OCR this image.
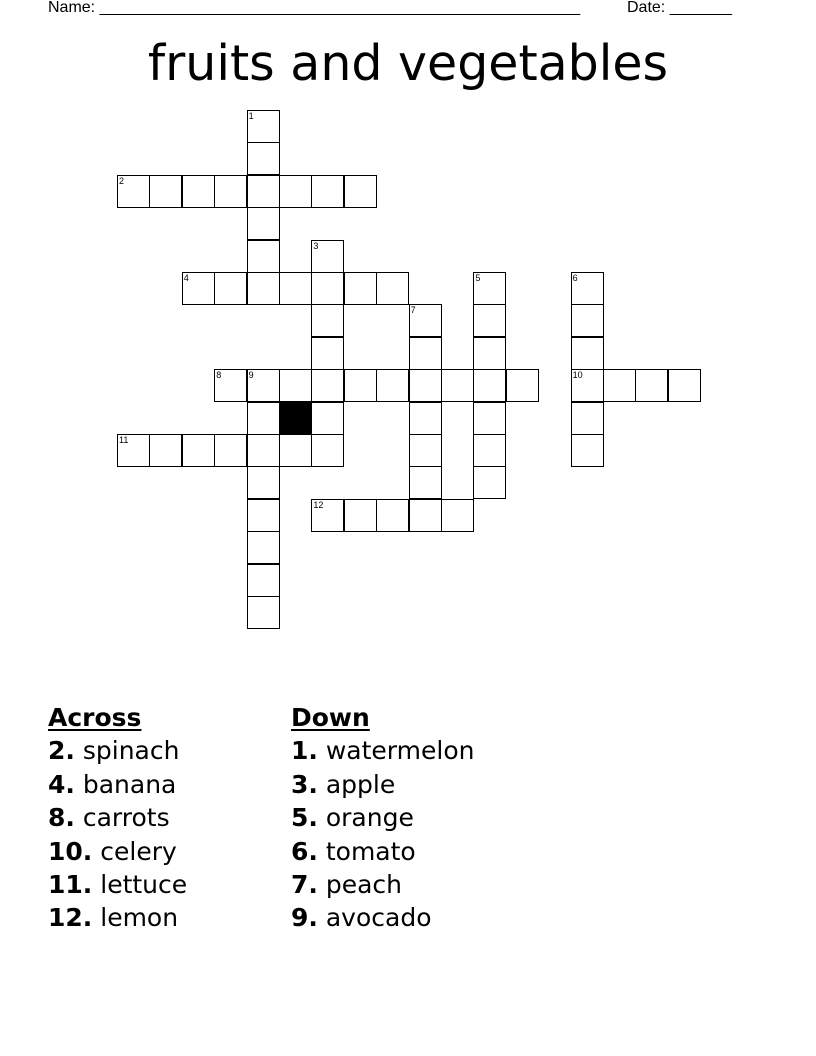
Name: ______________________________________________________	Date: _______
fruits and vegetables
1
2
3
4	5	6
7
8	9	10
11
12
Across
2. spinach
4. banana
8. carrots
10. celery
11. lettuce
12. lemon
Down
1. watermelon
3. apple
5. orange
6. tomato
7. peach
9. avocado
